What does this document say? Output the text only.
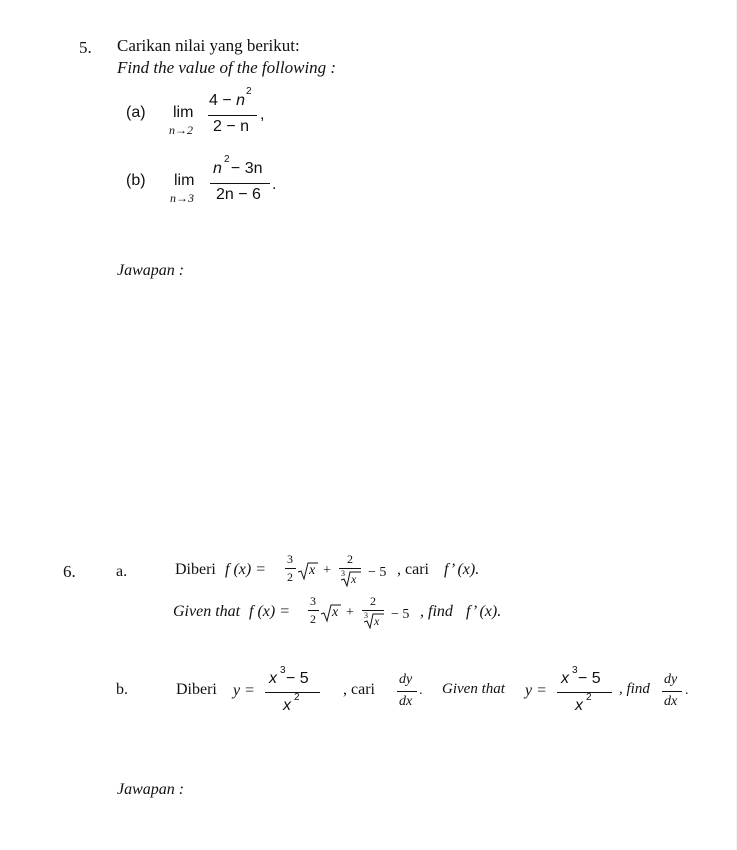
5. Carikan nilai yang berikut:
Find the value of the following :
(a) lim
n→2
4 − n
2
2 − n
,
(b) lim
n→3
n − 3n
2
2n − 6
.
Jawapan :
6.	a.	Diberi f (x) =
3
2 x +
2
3 x − 5 , cari f’ (x).
Given that f (x) =
3
2 x +
2
3 x − 5 , find f’ (x).
b.	Diberi y =
x − 5
3
x 2	, cari
dy
dx
. Given that y =
x − 5
3
x 2
, find
dy
dx
.
Jawapan :
